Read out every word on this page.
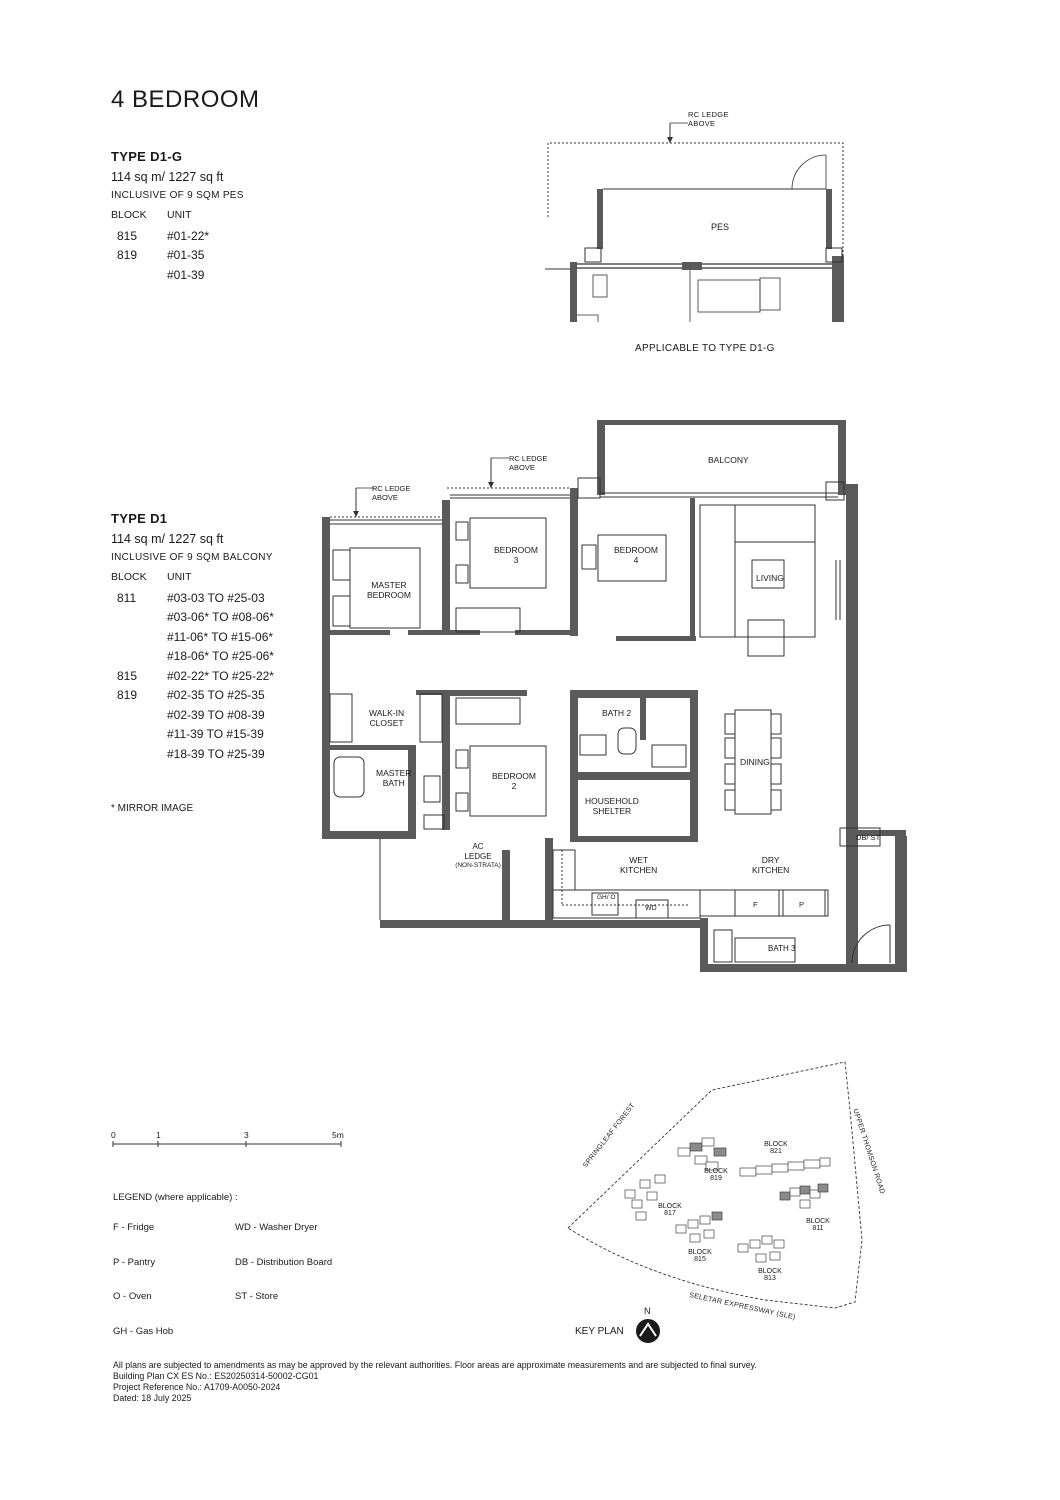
4 BEDROOM
TYPE D1-G
114 sq m/ 1227 sq ft
INCLUSIVE OF 9 SQM PES
BLOCK	UNIT
815	#01-22*
819	#01-35
	#01-39
TYPE D1
114 sq m/ 1227 sq ft
INCLUSIVE OF 9 SQM BALCONY
BLOCK	UNIT
811	#03-03 TO #25-03
	#03-06* TO #08-06*
	#11-06* TO #15-06*
	#18-06* TO #25-06*
815	#02-22* TO #25-22*
819	#02-35 TO #25-35
	#02-39 TO #08-39
	#11-39 TO #15-39
	#18-39 TO #25-39
* MIRROR IMAGE
RC LEDGE
ABOVE
PES
APPLICABLE TO TYPE D1-G
RC LEDGE
ABOVE
RC LEDGE
ABOVE
BALCONY
MASTER
BEDROOM
BEDROOM
3
BEDROOM
4
LIVING
WALK-IN
CLOSET
MASTER
BATH
BEDROOM
2
BATH 2
HOUSEHOLD
SHELTER
DINING
AC
LEDGE
(NON-STRATA)
WET
KITCHEN
DRY
KITCHEN
DB/ ST
GH/ O
WD	F	P
BATH 3
0	1	3	5m
LEGEND (where applicable) :
F - Fridge	WD - Washer Dryer
P - Pantry	DB - Distribution Board
O - Oven	ST - Store
GH - Gas Hob
SPRINGLEAF FOREST	UPPER THOMSON ROAD
SELETAR EXPRESSWAY (SLE)
BLOCK 821
BLOCK 819
BLOCK 817
BLOCK 815
BLOCK 813
BLOCK 811
N
KEY PLAN
All plans are subjected to amendments as may be approved by the relevant authorities. Floor areas are approximate measurements and are subjected to final survey.
Building Plan CX ES No.: ES20250314-50002-CG01
Project Reference No.: A1709-A0050-2024
Dated: 18 July 2025
